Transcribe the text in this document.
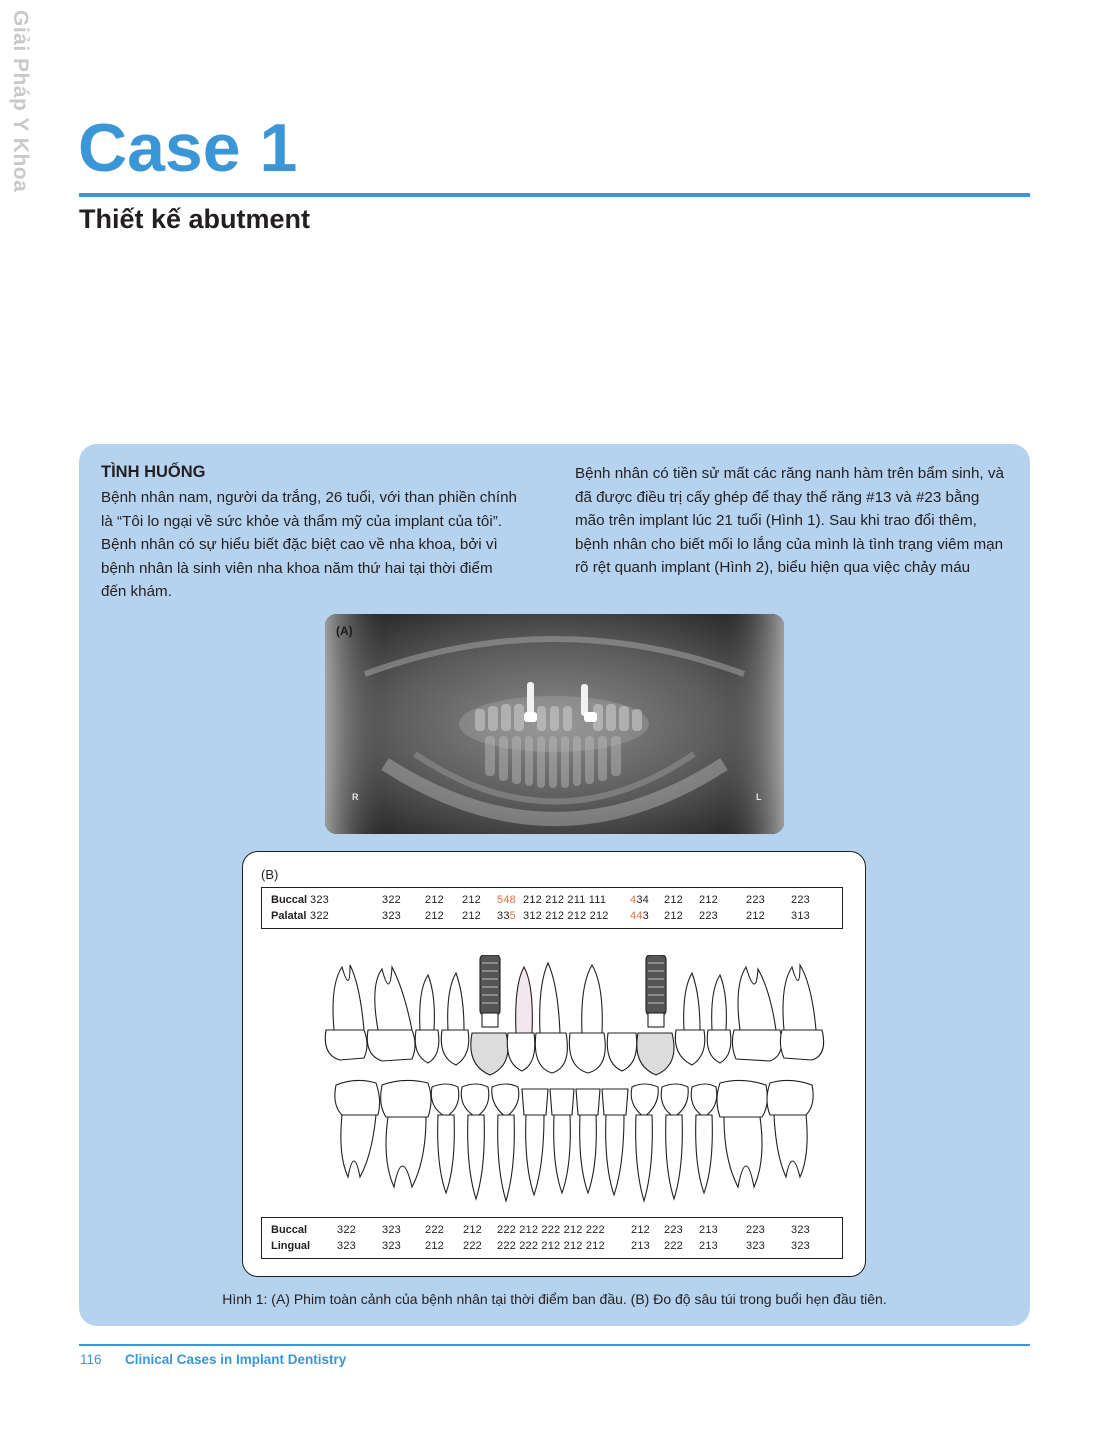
Giải Pháp Y Khoa Case 1
Thiết kế abutment
TÌNH HUỐNG

Bệnh nhân nam, người da trắng, 26 tuổi, với than phiền chính là “Tôi lo ngại về sức khỏe và thẩm mỹ của implant của tôi”. Bệnh nhân có sự hiểu biết đặc biệt cao về nha khoa, bởi vì bệnh nhân là sinh viên nha khoa năm thứ hai tại thời điểm đến khám.

Bệnh nhân có tiền sử mất các răng nanh hàm trên bẩm sinh, và đã được điều trị cấy ghép để thay thế răng #13 và #23 bằng mão trên implant lúc 21 tuổi (Hình 1). Sau khi trao đổi thêm, bệnh nhân cho biết mối lo lắng của mình là tình trạng viêm mạn rõ rệt quanh implant (Hình 2), biểu hiện qua việc chảy máu

(A)
R	L
(B)
Buccal 323	322 212 212 548 212 212 211 111 434 212 212	223 223
Palatal 322	323 212 212 335 312 212 212 212 443 212 223	212 313
Buccal	322 323 222 212 222 212 222 212 222 212 223 213	223 323
Lingual 323 323 212 222 222 222 212 212 212 213 222 213	323 323

Hình 1: (A) Phim toàn cảnh của bệnh nhân tại thời điểm ban đầu. (B) Đo độ sâu túi trong buổi hẹn đầu tiên.

116 Clinical Cases in Implant Dentistry
